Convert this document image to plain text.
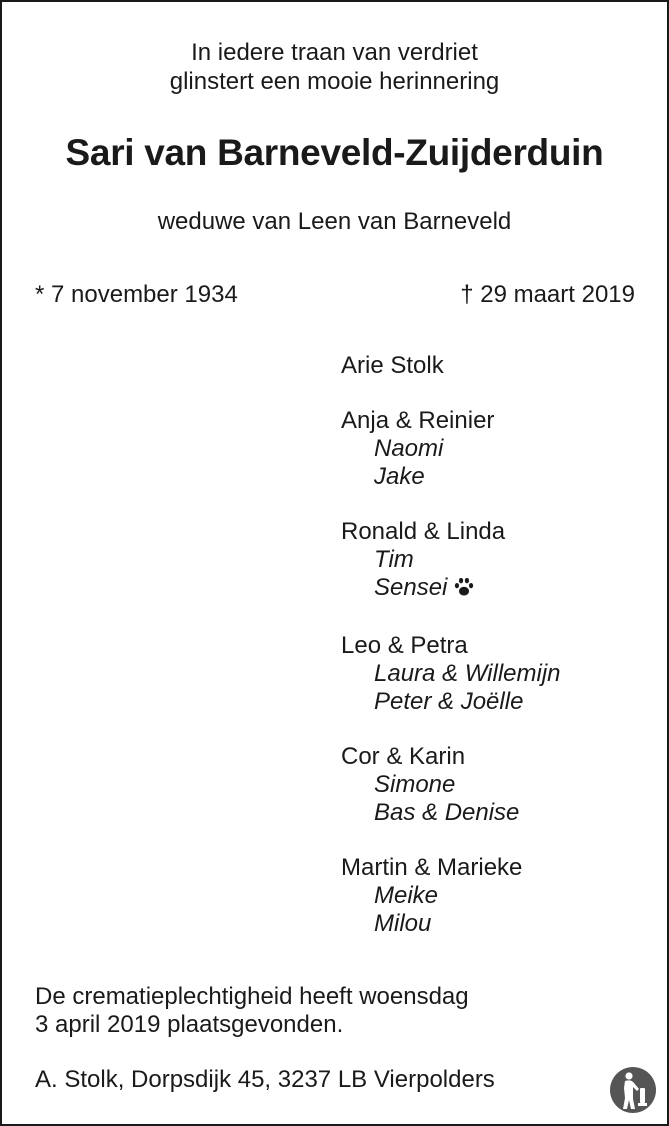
In iedere traan van verdriet
glinstert een mooie herinnering
Sari van Barneveld-Zuijderduin
weduwe van Leen van Barneveld
* 7 november 1934	† 29 maart 2019
Arie Stolk
Anja & Reinier
Naomi
Jake
Ronald & Linda
Tim
Sensei
Leo & Petra
Laura & Willemijn
Peter & Joëlle
Cor & Karin
Simone
Bas & Denise
Martin & Marieke
Meike
Milou
De crematieplechtigheid heeft woensdag
3 april 2019 plaatsgevonden.
A. Stolk, Dorpsdijk 45, 3237 LB Vierpolders
